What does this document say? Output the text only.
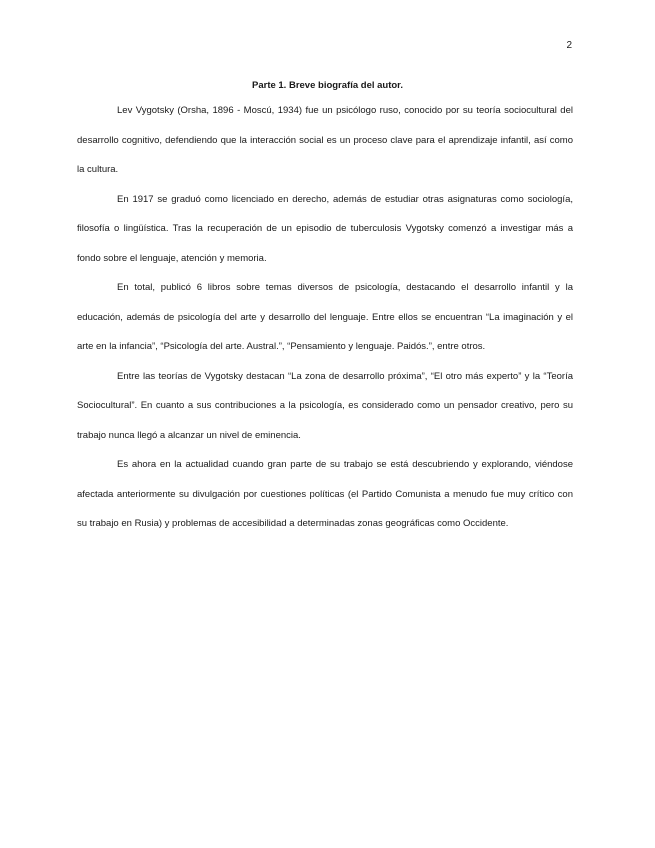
2
Parte 1. Breve biografía del autor.

Lev Vygotsky (Orsha, 1896 - Moscú, 1934) fue un psicólogo ruso, conocido por su teoría sociocultural del desarrollo cognitivo, defendiendo que la interacción social es un proceso clave para el aprendizaje infantil, así como la cultura.

En 1917 se graduó como licenciado en derecho, además de estudiar otras asignaturas como sociología, filosofía o lingüística. Tras la recuperación de un episodio de tuberculosis Vygotsky comenzó a investigar más a fondo sobre el lenguaje, atención y memoria.

En total, publicó 6 libros sobre temas diversos de psicología, destacando el desarrollo infantil y la educación, además de psicología del arte y desarrollo del lenguaje. Entre ellos se encuentran “La imaginación y el arte en la infancia”, “Psicología del arte. Austral.”, “Pensamiento y lenguaje. Paidós.”, entre otros.

Entre las teorías de Vygotsky destacan “La zona de desarrollo próxima”, “El otro más experto” y la “Teoría Sociocultural”. En cuanto a sus contribuciones a la psicología, es considerado como un pensador creativo, pero su trabajo nunca llegó a alcanzar un nivel de eminencia.

Es ahora en la actualidad cuando gran parte de su trabajo se está descubriendo y explorando, viéndose afectada anteriormente su divulgación por cuestiones políticas (el Partido Comunista a menudo fue muy crítico con su trabajo en Rusia) y problemas de accesibilidad a determinadas zonas geográficas como Occidente.
